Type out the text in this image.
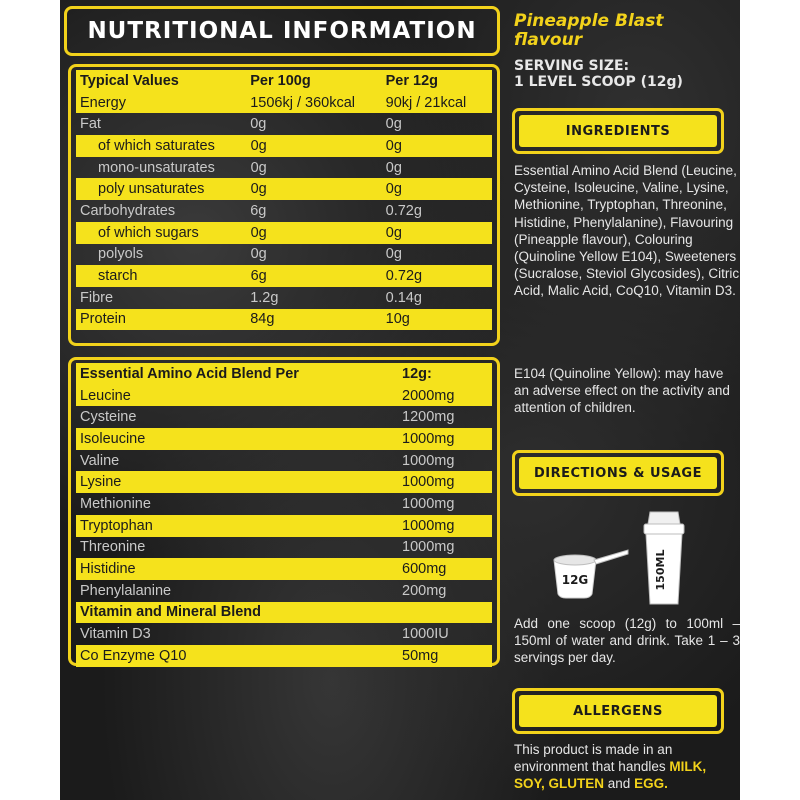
NUTRITIONAL INFORMATION
Typical Values	Per 100g	Per 12g
Energy	1506kj / 360kcal	90kj / 21kcal
Fat	0g	0g
of which saturates	0g	0g
mono-unsaturates	0g	0g
poly unsaturates	0g	0g
Carbohydrates	6g	0.72g
of which sugars	0g	0g
polyols	0g	0g
starch	6g	0.72g
Fibre	1.2g	0.14g
Protein	84g	10g
Essential Amino Acid Blend Per	12g:
Leucine	2000mg
Cysteine	1200mg
Isoleucine	1000mg
Valine	1000mg
Lysine	1000mg
Methionine	1000mg
Tryptophan	1000mg
Threonine	1000mg
Histidine	600mg
Phenylalanine	200mg
Vitamin and Mineral Blend
Vitamin D3	1000IU
Co Enzyme Q10	50mg
Pineapple Blast flavour
SERVING SIZE:
1 LEVEL SCOOP (12g)
INGREDIENTS
Essential Amino Acid Blend (Leucine, Cysteine, Isoleucine, Valine, Lysine, Methionine, Tryptophan, Threonine, Histidine, Phenylalanine), Flavouring (Pineapple flavour), Colouring (Quinoline Yellow E104), Sweeteners (Sucralose, Steviol Glycosides), Citric Acid, Malic Acid, CoQ10, Vitamin D3.
E104 (Quinoline Yellow): may have an adverse effect on the activity and attention of children.
DIRECTIONS & USAGE
12G	150ML
Add one scoop (12g) to 100ml – 150ml of water and drink. Take 1 – 3 servings per day.
ALLERGENS
This product is made in an environment that handles MILK, SOY, GLUTEN and EGG.
